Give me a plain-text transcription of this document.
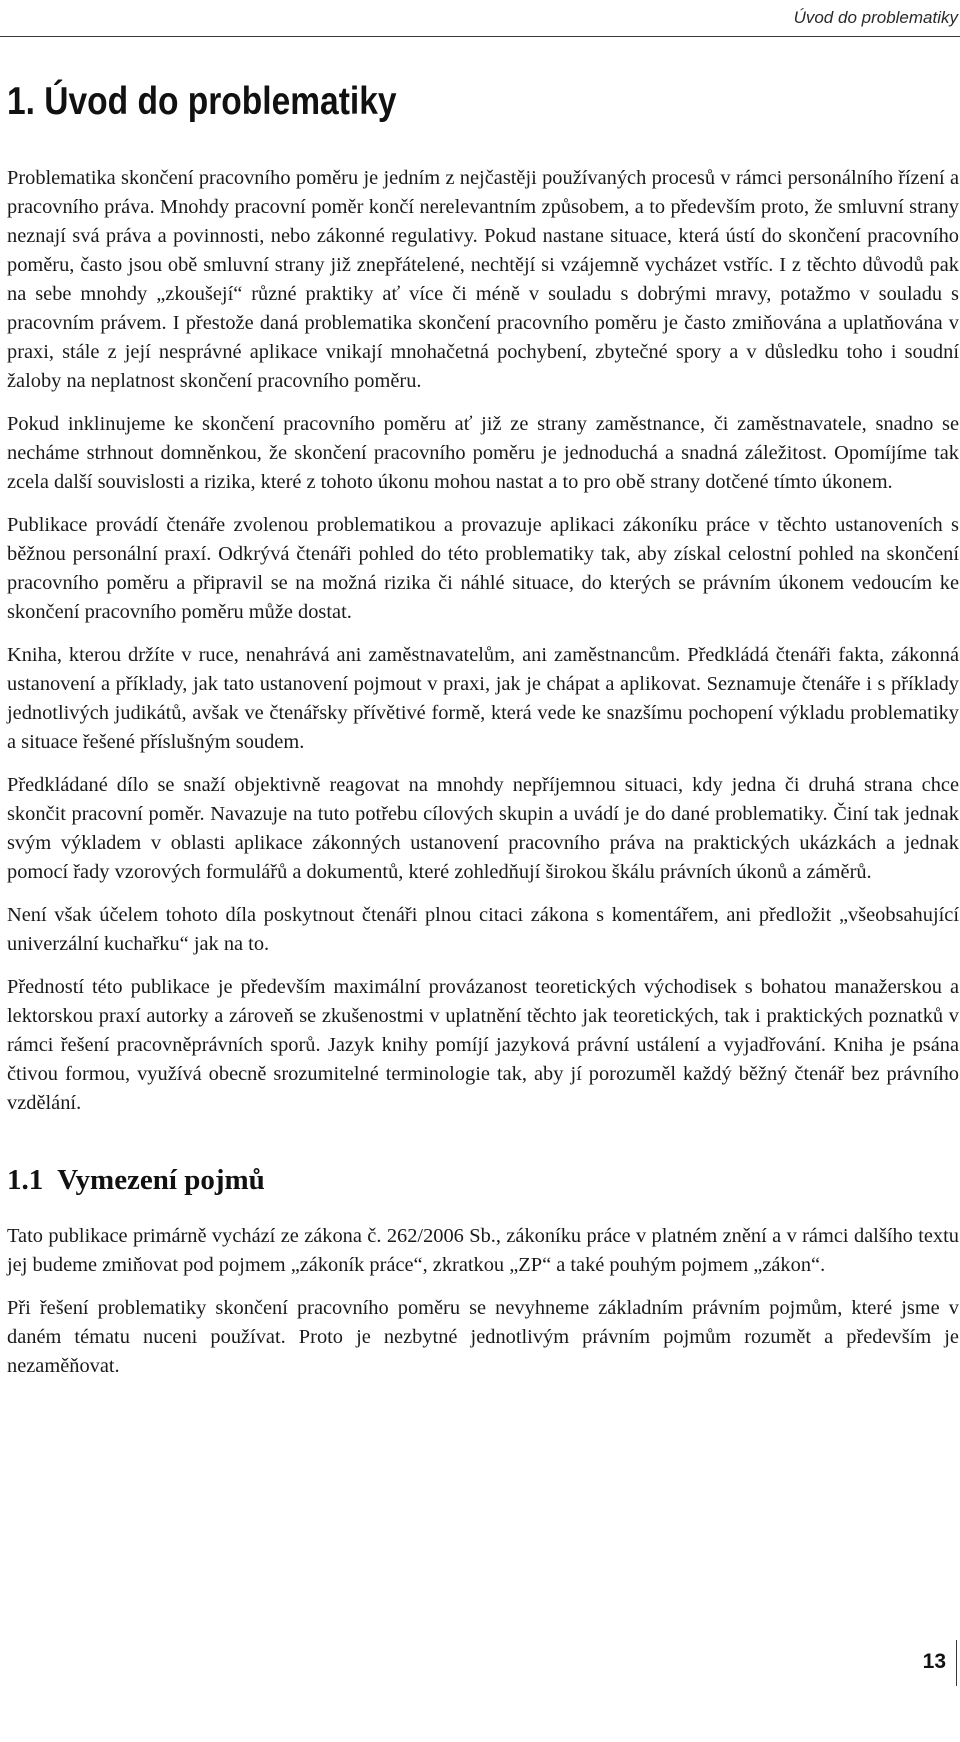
Úvod do problematiky
1. Úvod do problematiky

Problematika skončení pracovního poměru je jedním z nejčastěji používaných procesů v rámci personálního řízení a pracovního práva. Mnohdy pracovní poměr končí nerelevantním způsobem, a to především proto, že smluvní strany neznají svá práva a povinnosti, nebo zákonné regulativy. Pokud nastane situace, která ústí do skončení pracovního poměru, často jsou obě smluvní strany již znepřátelené, nechtějí si vzájemně vycházet vstříc. I z těchto důvodů pak na sebe mnohdy „zkoušejí“ různé praktiky ať více či méně v souladu s dobrými mravy, potažmo v souladu s pracovním právem. I přestože daná problematika skončení pracovního poměru je často zmiňována a uplatňována v praxi, stále z její nesprávné aplikace vnikají mnohačetná pochybení, zbytečné spory a v důsledku toho i soudní žaloby na neplatnost skončení pracovního poměru.

Pokud inklinujeme ke skončení pracovního poměru ať již ze strany zaměstnance, či zaměstnavatele, snadno se necháme strhnout domněnkou, že skončení pracovního poměru je jednoduchá a snadná záležitost. Opomíjíme tak zcela další souvislosti a rizika, které z tohoto úkonu mohou nastat a to pro obě strany dotčené tímto úkonem.

Publikace provádí čtenáře zvolenou problematikou a provazuje aplikaci zákoníku práce v těchto ustanoveních s běžnou personální praxí. Odkrývá čtenáři pohled do této problematiky tak, aby získal celostní pohled na skončení pracovního poměru a připravil se na možná rizika či náhlé situace, do kterých se právním úkonem vedoucím ke skončení pracovního poměru může dostat.

Kniha, kterou držíte v ruce, nenahrává ani zaměstnavatelům, ani zaměstnancům. Předkládá čtenáři fakta, zákonná ustanovení a příklady, jak tato ustanovení pojmout v praxi, jak je chápat a aplikovat. Seznamuje čtenáře i s příklady jednotlivých judikátů, avšak ve čtenářsky přívětivé formě, která vede ke snazšímu pochopení výkladu problematiky a situace řešené příslušným soudem.

Předkládané dílo se snaží objektivně reagovat na mnohdy nepříjemnou situaci, kdy jedna či druhá strana chce skončit pracovní poměr. Navazuje na tuto potřebu cílových skupin a uvádí je do dané problematiky. Činí tak jednak svým výkladem v oblasti aplikace zákonných ustanovení pracovního práva na praktických ukázkách a jednak pomocí řady vzorových formulářů a dokumentů, které zohledňují širokou škálu právních úkonů a záměrů.

Není však účelem tohoto díla poskytnout čtenáři plnou citaci zákona s komentářem, ani předložit „všeobsahující univerzální kuchařku“ jak na to.

Předností této publikace je především maximální provázanost teoretických východisek s bohatou manažerskou a lektorskou praxí autorky a zároveň se zkušenostmi v uplatnění těchto jak teoretických, tak i praktických poznatků v rámci řešení pracovněprávních sporů. Jazyk knihy pomíjí jazyková právní ustálení a vyjadřování. Kniha je psána čtivou formou, využívá obecně srozumitelné terminologie tak, aby jí porozuměl každý běžný čtenář bez právního vzdělání.

1.1 Vymezení pojmů

Tato publikace primárně vychází ze zákona č. 262/2006 Sb., zákoníku práce v platném znění a v rámci dalšího textu jej budeme zmiňovat pod pojmem „zákoník práce“, zkratkou „ZP“ a také pouhým pojmem „zákon“.

Při řešení problematiky skončení pracovního poměru se nevyhneme základním právním pojmům, které jsme v daném tématu nuceni používat. Proto je nezbytné jednotlivým právním pojmům rozumět a především je nezaměňovat.

13
